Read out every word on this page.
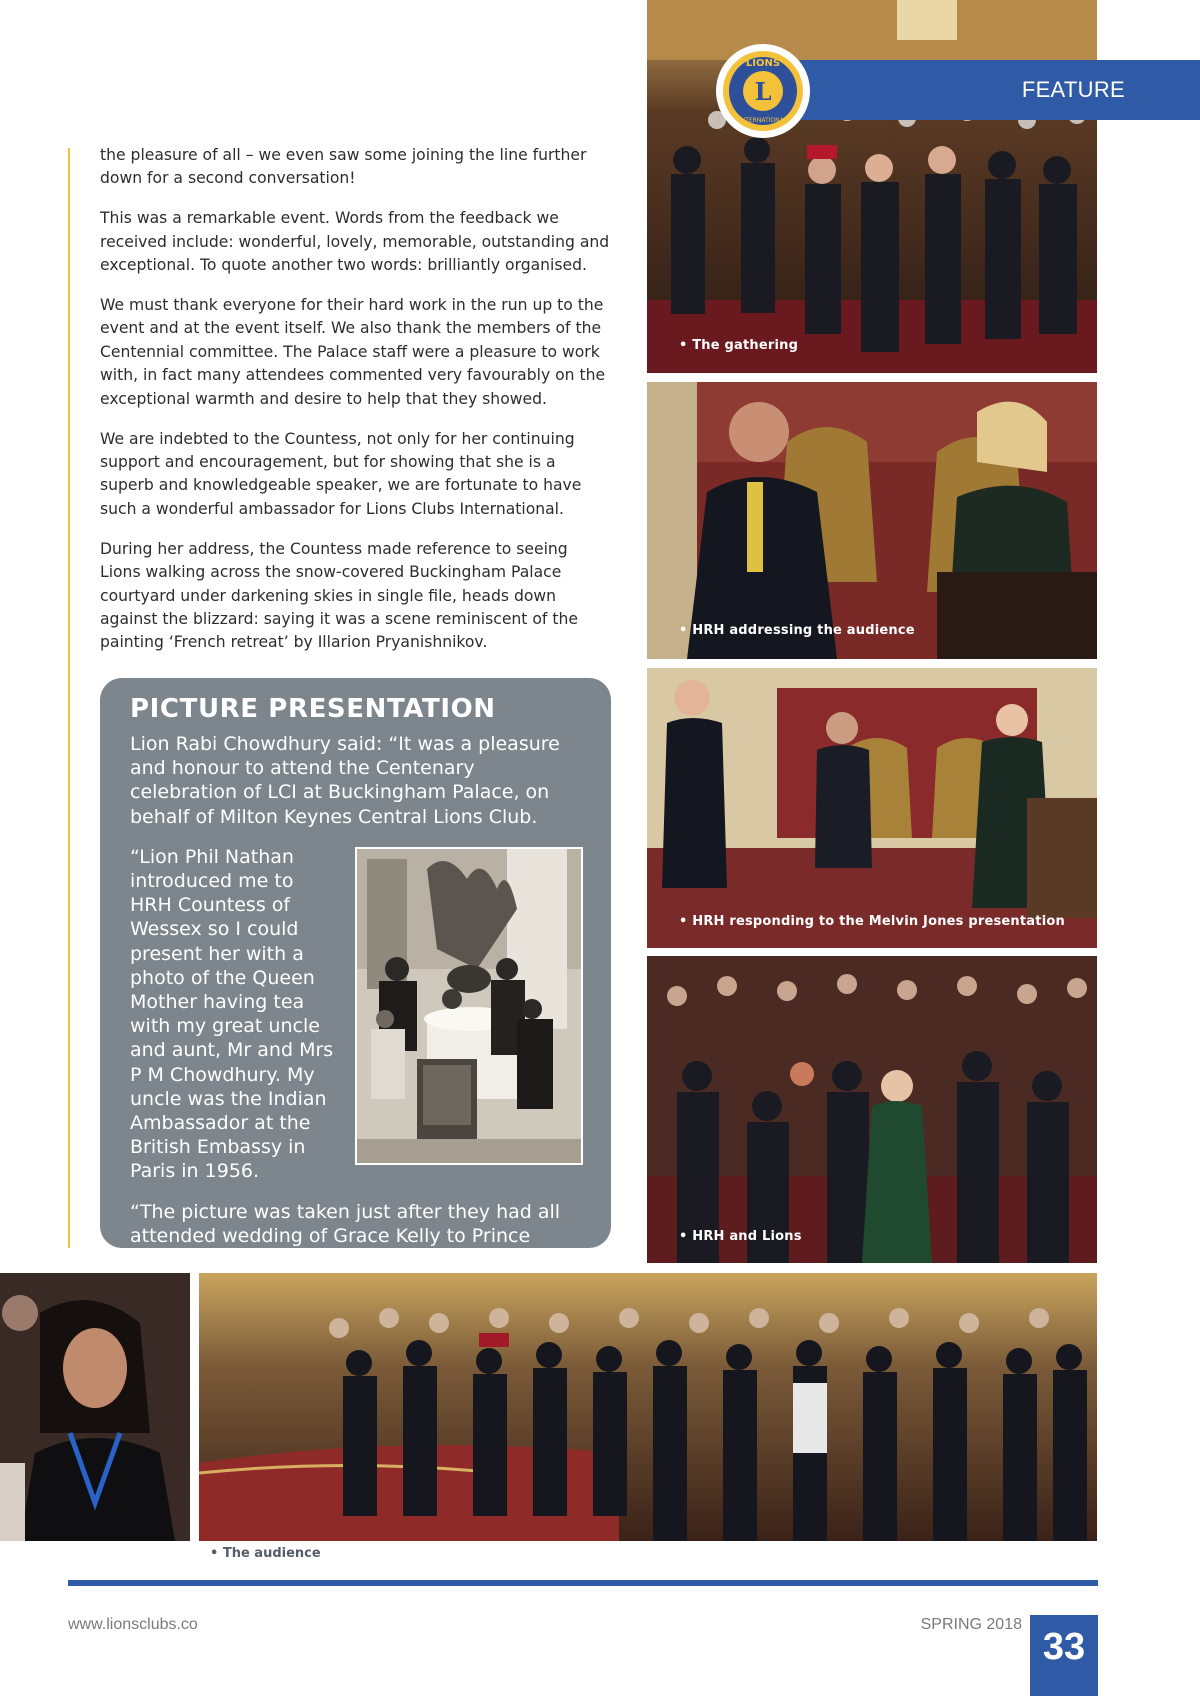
the pleasure of all – we even saw some joining the line further down for a second conversation!

This was a remarkable event. Words from the feedback we received include: wonderful, lovely, memorable, outstanding and exceptional. To quote another two words: brilliantly organised.

We must thank everyone for their hard work in the run up to the event and at the event itself. We also thank the members of the Centennial committee. The Palace staff were a pleasure to work with, in fact many attendees commented very favourably on the exceptional warmth and desire to help that they showed.

We are indebted to the Countess, not only for her continuing support and encouragement, but for showing that she is a superb and knowledgeable speaker, we are fortunate to have such a wonderful ambassador for Lions Clubs International.

During her address, the Countess made reference to seeing Lions walking across the snow-covered Buckingham Palace courtyard under darkening skies in single file, heads down against the blizzard: saying it was a scene reminiscent of the painting ‘French retreat’ by Illarion Pryanishnikov.

PICTURE PRESENTATION
Lion Rabi Chowdhury said: “It was a pleasure and honour to attend the Centenary celebration of LCI at Buckingham Palace, on behalf of Milton Keynes Central Lions Club.
“Lion Phil Nathan introduced me to HRH Countess of Wessex so I could present her with a photo of the Queen Mother having tea with my great uncle and aunt, Mr and Mrs P M Chowdhury. My uncle was the Indian Ambassador at the British Embassy in Paris in 1956.
“The picture was taken just after they had all attended wedding of Grace Kelly to Prince Rainer.”
• The gathering
FEATURE
LIONS
L
INTERNATIONAL
• HRH addressing the audience
• HRH responding to the Melvin Jones presentation
• HRH and Lions
• The audience
www.lionsclubs.co	SPRING 2018
33
